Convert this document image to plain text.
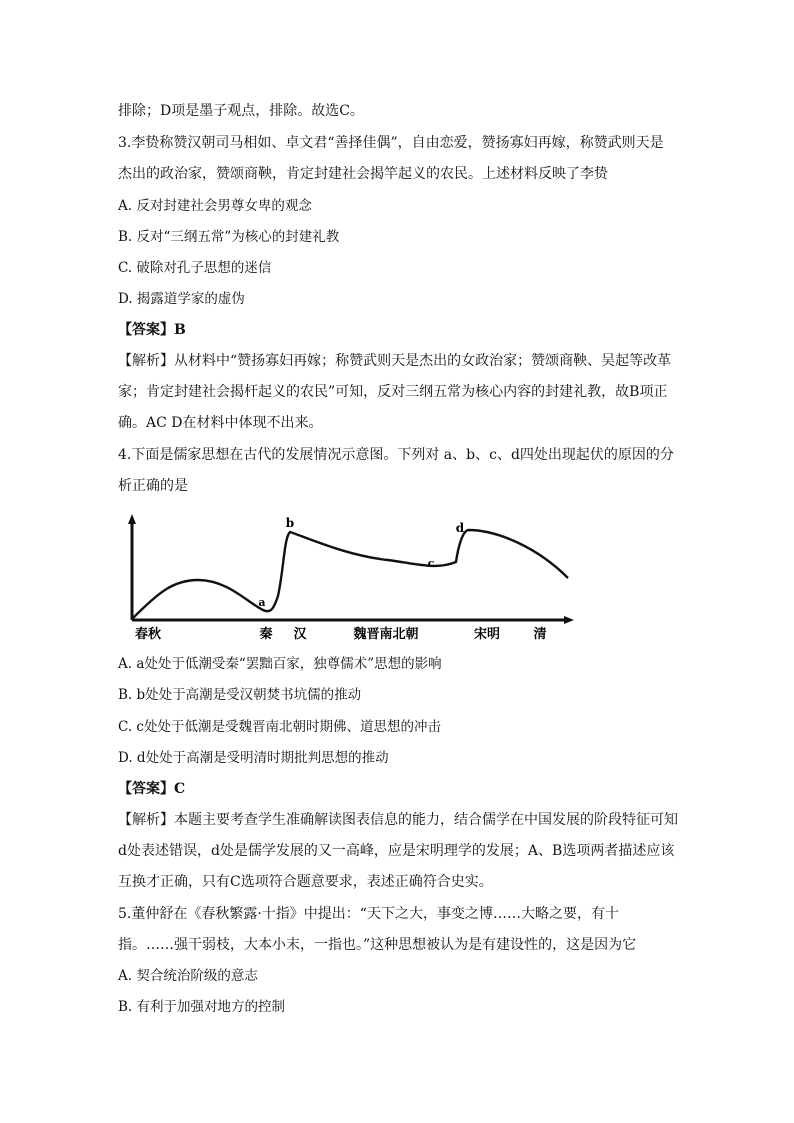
排除；D项是墨子观点，排除。故选C。
3.李贽称赞汉朝司马相如、卓文君“善择佳偶”，自由恋爱，赞扬寡妇再嫁，称赞武则天是
杰出的政治家，赞颂商鞅，肯定封建社会揭竿起义的农民。上述材料反映了李贽
A. 反对封建社会男尊女卑的观念
B. 反对“三纲五常”为核心的封建礼教
C. 破除对孔子思想的迷信
D. 揭露道学家的虚伪
【答案】B
【解析】从材料中“赞扬寡妇再嫁；称赞武则天是杰出的女政治家；赞颂商鞅、吴起等改革
家；肯定封建社会揭杆起义的农民”可知，反对三纲五常为核心内容的封建礼教，故B项正
确。AC D在材料中体现不出来。
4.下面是儒家思想在古代的发展情况示意图。下列对 a、b、c、d四处出现起伏的原因的分
析正确的是
a
b
c
d
春秋	秦 汉	魏晋南北朝	宋明	清
A. a处处于低潮受秦“罢黜百家，独尊儒术”思想的影响
B. b处处于高潮是受汉朝焚书坑儒的推动
C. c处处于低潮是受魏晋南北朝时期佛、道思想的冲击
D. d处处于高潮是受明清时期批判思想的推动
【答案】C
【解析】本题主要考查学生准确解读图表信息的能力，结合儒学在中国发展的阶段特征可知
d处表述错误，d处是儒学发展的又一高峰，应是宋明理学的发展；A、B选项两者描述应该
互换才正确，只有C选项符合题意要求，表述正确符合史实。
5.董仲舒在《春秋繁露·十指》中提出：“天下之大，事变之博……大略之要，有十
指。……强干弱枝，大本小末，一指也。”这种思想被认为是有建设性的，这是因为它
A. 契合统治阶级的意志
B. 有利于加强对地方的控制
